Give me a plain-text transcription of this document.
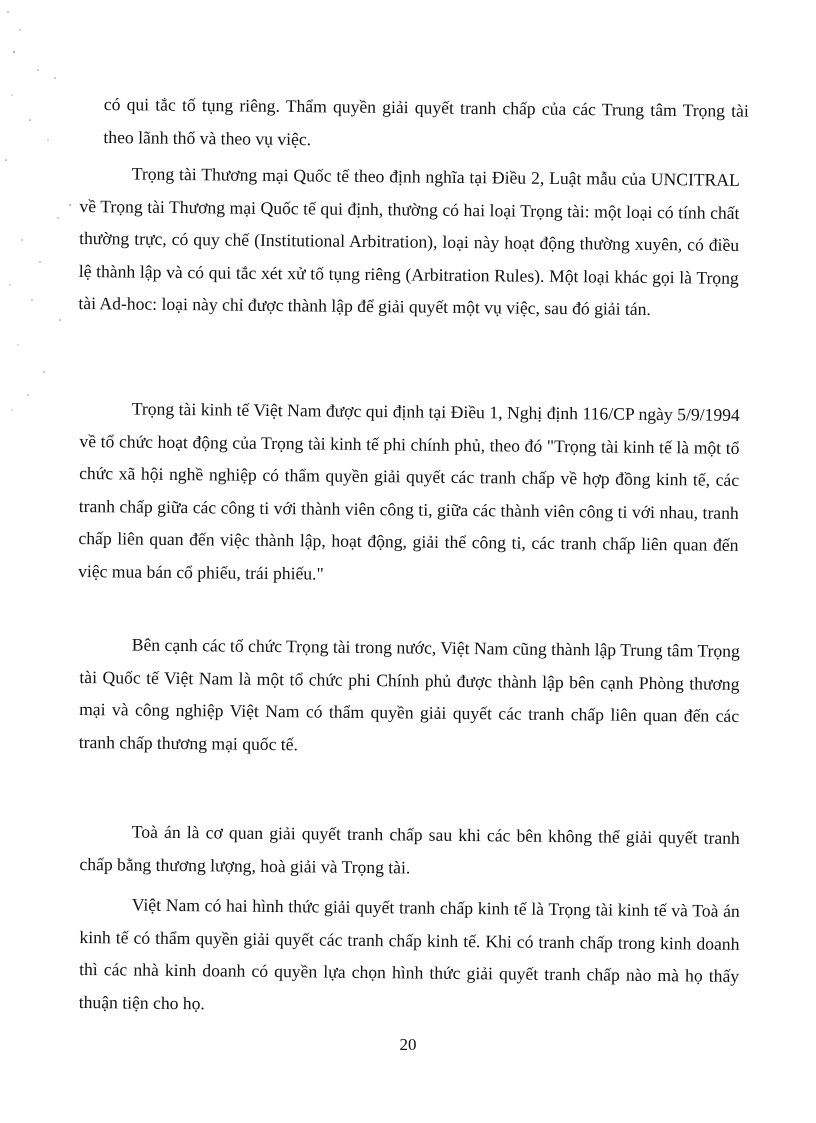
có qui tắc tố tụng riêng. Thẩm quyền giải quyết tranh chấp của các Trung tâm Trọng tài theo lãnh thổ và theo vụ việc.

Trọng tài Thương mại Quốc tế theo định nghĩa tại Điều 2, Luật mẫu của UNCITRAL về Trọng tài Thương mại Quốc tế qui định, thường có hai loại Trọng tài: một loại có tính chất thường trực, có quy chế (Institutional Arbitration), loại này hoạt động thường xuyên, có điều lệ thành lập và có qui tắc xét xử tố tụng riêng (Arbitration Rules). Một loại khác gọi là Trọng tài Ad-hoc: loại này chỉ được thành lập để giải quyết một vụ việc, sau đó giải tán.

Trọng tài kinh tế Việt Nam được qui định tại Điều 1, Nghị định 116/CP ngày 5/9/1994 về tổ chức hoạt động của Trọng tài kinh tế phi chính phủ, theo đó "Trọng tài kinh tế là một tổ chức xã hội nghề nghiệp có thẩm quyền giải quyết các tranh chấp về hợp đồng kinh tế, các tranh chấp giữa các công ti với thành viên công ti, giữa các thành viên công ti với nhau, tranh chấp liên quan đến việc thành lập, hoạt động, giải thể công ti, các tranh chấp liên quan đến việc mua bán cổ phiếu, trái phiếu."

Bên cạnh các tổ chức Trọng tài trong nước, Việt Nam cũng thành lập Trung tâm Trọng tài Quốc tế Việt Nam là một tổ chức phi Chính phủ được thành lập bên cạnh Phòng thương mại và công nghiệp Việt Nam có thẩm quyền giải quyết các tranh chấp liên quan đến các tranh chấp thương mại quốc tế.

Toà án là cơ quan giải quyết tranh chấp sau khi các bên không thể giải quyết tranh chấp bằng thương lượng, hoà giải và Trọng tài.

Việt Nam có hai hình thức giải quyết tranh chấp kinh tế là Trọng tài kinh tế và Toà án kinh tế có thẩm quyền giải quyết các tranh chấp kinh tế. Khi có tranh chấp trong kinh doanh thì các nhà kinh doanh có quyền lựa chọn hình thức giải quyết tranh chấp nào mà họ thấy thuận tiện cho họ.

20
